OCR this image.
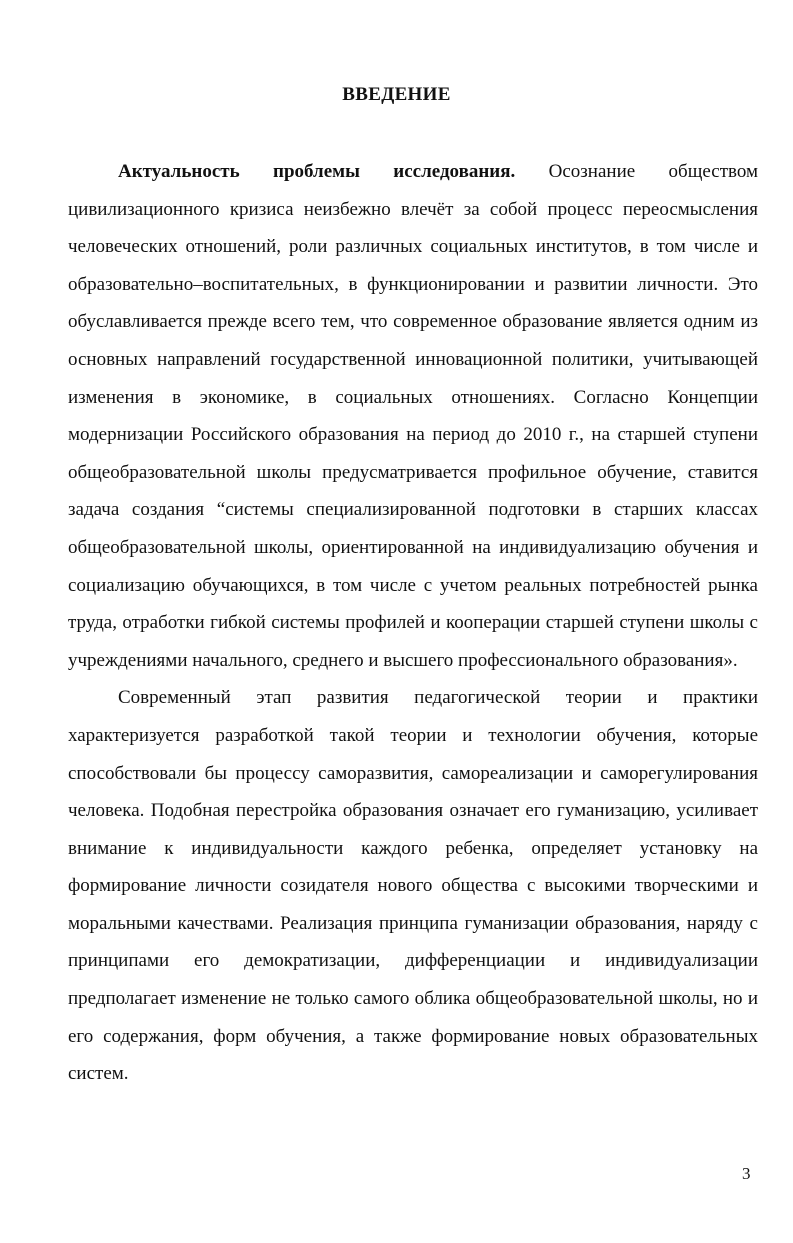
ВВЕДЕНИЕ

Актуальность проблемы исследования. Осознание обществом цивилизационного кризиса неизбежно влечёт за собой процесс переосмысления человеческих отношений, роли различных социальных институтов, в том числе и образовательно–воспитательных, в функционировании и развитии личности. Это обуславливается прежде всего тем, что современное образование является одним из основных направлений государственной инновационной политики, учитывающей изменения в экономике, в социальных отношениях. Согласно Концепции модернизации Российского образования на период до 2010 г., на старшей ступени общеобразовательной школы предусматривается профильное обучение, ставится задача создания “системы специализированной подготовки в старших классах общеобразовательной школы, ориентированной на индивидуализацию обучения и социализацию обучающихся, в том числе с учетом реальных потребностей рынка труда, отработки гибкой системы профилей и кооперации старшей ступени школы с учреждениями начального, среднего и высшего профессионального образования».

Современный этап развития педагогической теории и практики характеризуется разработкой такой теории и технологии обучения, которые способствовали бы процессу саморазвития, самореализации и саморегулирования человека. Подобная перестройка образования означает его гуманизацию, усиливает внимание к индивидуальности каждого ребенка, определяет установку на формирование личности созидателя нового общества с высокими творческими и моральными качествами. Реализация принципа гуманизации образования, наряду с принципами его демократизации, дифференциации и индивидуализации предполагает изменение не только самого облика общеобразовательной школы, но и его содержания, форм обучения, а также формирование новых образовательных систем.

3
